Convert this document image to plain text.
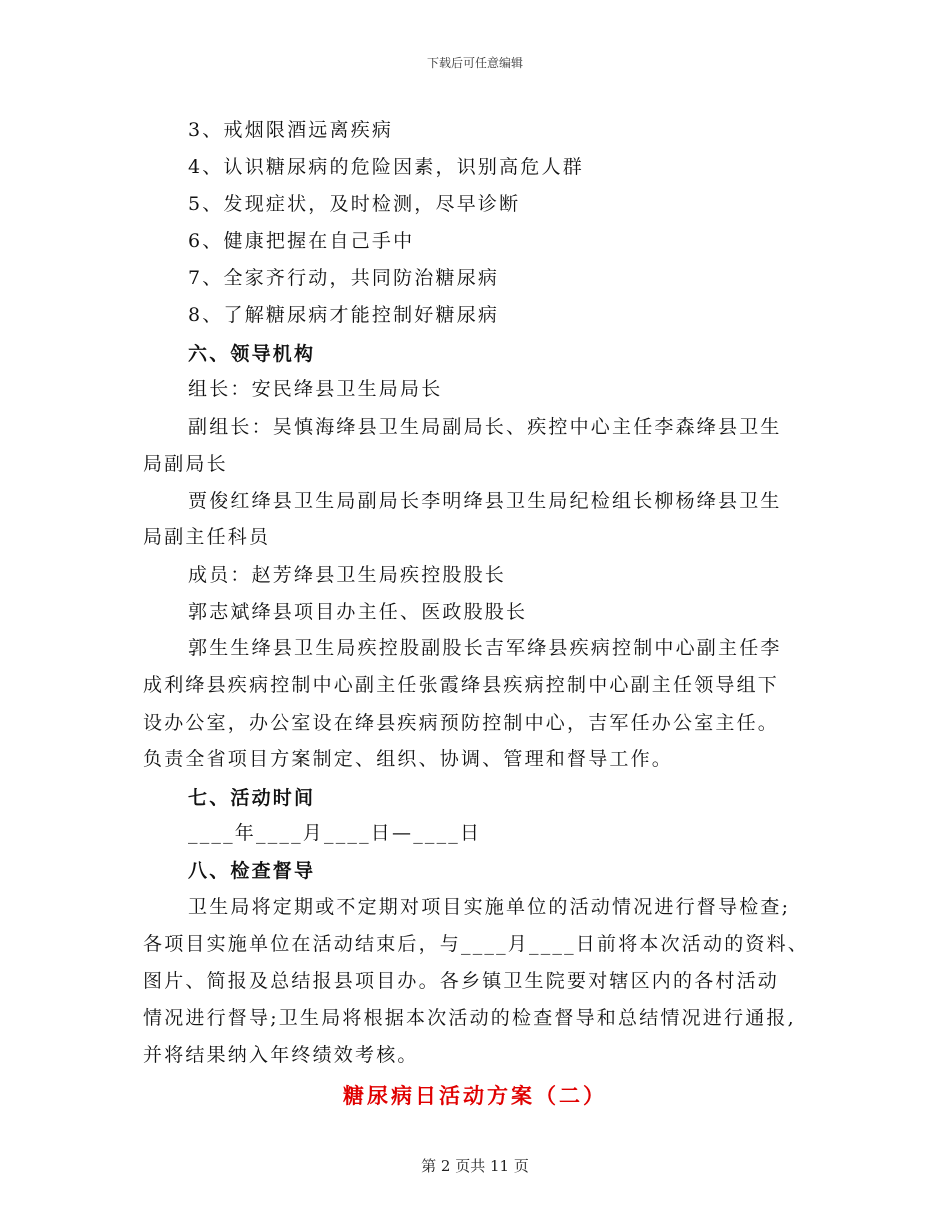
下载后可任意编辑
3、戒烟限酒远离疾病
4、认识糖尿病的危险因素，识别高危人群
5、发现症状，及时检测，尽早诊断
6、健康把握在自己手中
7、全家齐行动，共同防治糖尿病
8、了解糖尿病才能控制好糖尿病
六、领导机构
组长：安民绛县卫生局局长
副组长：吴慎海绛县卫生局副局长、疾控中心主任李森绛县卫生
局副局长
贾俊红绛县卫生局副局长李明绛县卫生局纪检组长柳杨绛县卫生
局副主任科员
成员：赵芳绛县卫生局疾控股股长
郭志斌绛县项目办主任、医政股股长
郭生生绛县卫生局疾控股副股长吉军绛县疾病控制中心副主任李
成利绛县疾病控制中心副主任张霞绛县疾病控制中心副主任领导组下
设办公室，办公室设在绛县疾病预防控制中心，吉军任办公室主任。
负责全省项目方案制定、组织、协调、管理和督导工作。
七、活动时间
____年____月____日—____日
八、检查督导
卫生局将定期或不定期对项目实施单位的活动情况进行督导检查;
各项目实施单位在活动结束后，与____月____日前将本次活动的资料、
图片、简报及总结报县项目办。各乡镇卫生院要对辖区内的各村活动
情况进行督导;卫生局将根据本次活动的检查督导和总结情况进行通报,
并将结果纳入年终绩效考核。
糖尿病日活动方案（二）
第 2 页共 11 页
